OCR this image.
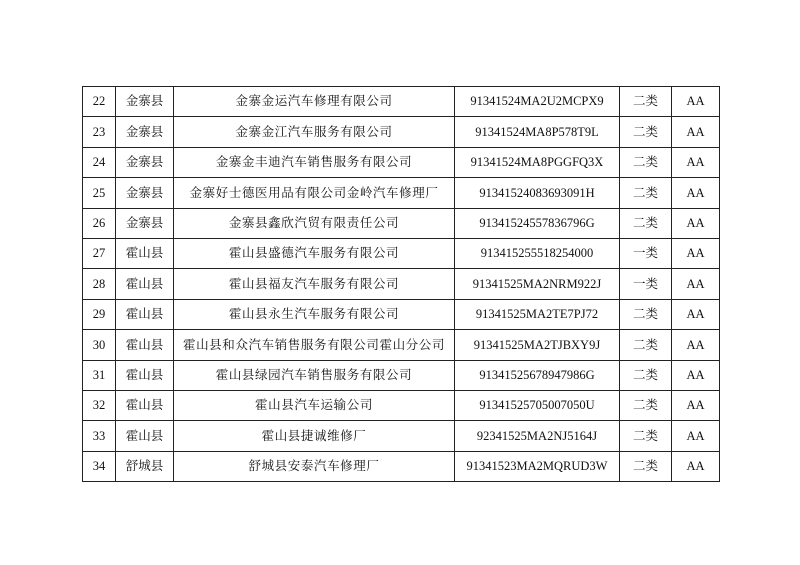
22	金寨县	金寨金运汽车修理有限公司	91341524MA2U2MCPX9	二类	AA
23	金寨县	金寨金江汽车服务有限公司	91341524MA8P578T9L	二类	AA
24	金寨县	金寨金丰迪汽车销售服务有限公司	91341524MA8PGGFQ3X	二类	AA
25	金寨县	金寨好士德医用品有限公司金岭汽车修理厂	91341524083693091H	二类	AA
26	金寨县	金寨县鑫欣汽贸有限责任公司	91341524557836796G	二类	AA
27	霍山县	霍山县盛德汽车服务有限公司	913415255518254000	一类	AA
28	霍山县	霍山县福友汽车服务有限公司	91341525MA2NRM922J	一类	AA
29	霍山县	霍山县永生汽车服务有限公司	91341525MA2TE7PJ72	二类	AA
30	霍山县	霍山县和众汽车销售服务有限公司霍山分公司	91341525MA2TJBXY9J	二类	AA
31	霍山县	霍山县绿园汽车销售服务有限公司	91341525678947986G	二类	AA
32	霍山县	霍山县汽车运输公司	91341525705007050U	二类	AA
33	霍山县	霍山县捷诚维修厂	92341525MA2NJ5164J	二类	AA
34	舒城县	舒城县安泰汽车修理厂	91341523MA2MQRUD3W	二类	AA
